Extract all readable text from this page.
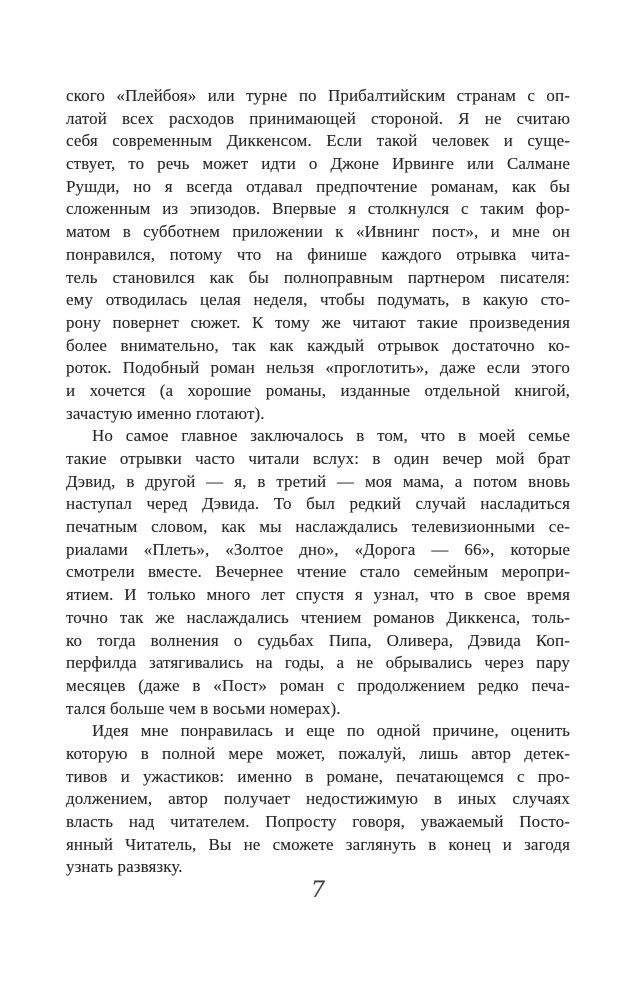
ского «Плейбоя» или турне по Прибалтийским странам с оп-
латой всех расходов принимающей стороной. Я не считаю
себя современным Диккенсом. Если такой человек и суще-
ствует, то речь может идти о Джоне Ирвинге или Салмане
Рушди, но я всегда отдавал предпочтение романам, как бы
сложенным из эпизодов. Впервые я столкнулся с таким фор-
матом в субботнем приложении к «Ивнинг пост», и мне он
понравился, потому что на финише каждого отрывка чита-
тель становился как бы полноправным партнером писателя:
ему отводилась целая неделя, чтобы подумать, в какую сто-
рону повернет сюжет. К тому же читают такие произведения
более внимательно, так как каждый отрывок достаточно ко-
роток. Подобный роман нельзя «проглотить», даже если этого
и хочется (а хорошие романы, изданные отдельной книгой,
зачастую именно глотают).
Но самое главное заключалось в том, что в моей семье
такие отрывки часто читали вслух: в один вечер мой брат
Дэвид, в другой — я, в третий — моя мама, а потом вновь
наступал черед Дэвида. То был редкий случай насладиться
печатным словом, как мы наслаждались телевизионными се-
риалами «Плеть», «Золтое дно», «Дорога — 66», которые
смотрели вместе. Вечернее чтение стало семейным меропри-
ятием. И только много лет спустя я узнал, что в свое время
точно так же наслаждались чтением романов Диккенса, толь-
ко тогда волнения о судьбах Пипа, Оливера, Дэвида Коп-
перфилда затягивались на годы, а не обрывались через пару
месяцев (даже в «Пост» роман с продолжением редко печа-
тался больше чем в восьми номерах).
Идея мне понравилась и еще по одной причине, оценить
которую в полной мере может, пожалуй, лишь автор детек-
тивов и ужастиков: именно в романе, печатающемся с про-
должением, автор получает недостижимую в иных случаях
власть над читателем. Попросту говоря, уважаемый Посто-
янный Читатель, Вы не сможете заглянуть в конец и загодя
узнать развязку.
7
